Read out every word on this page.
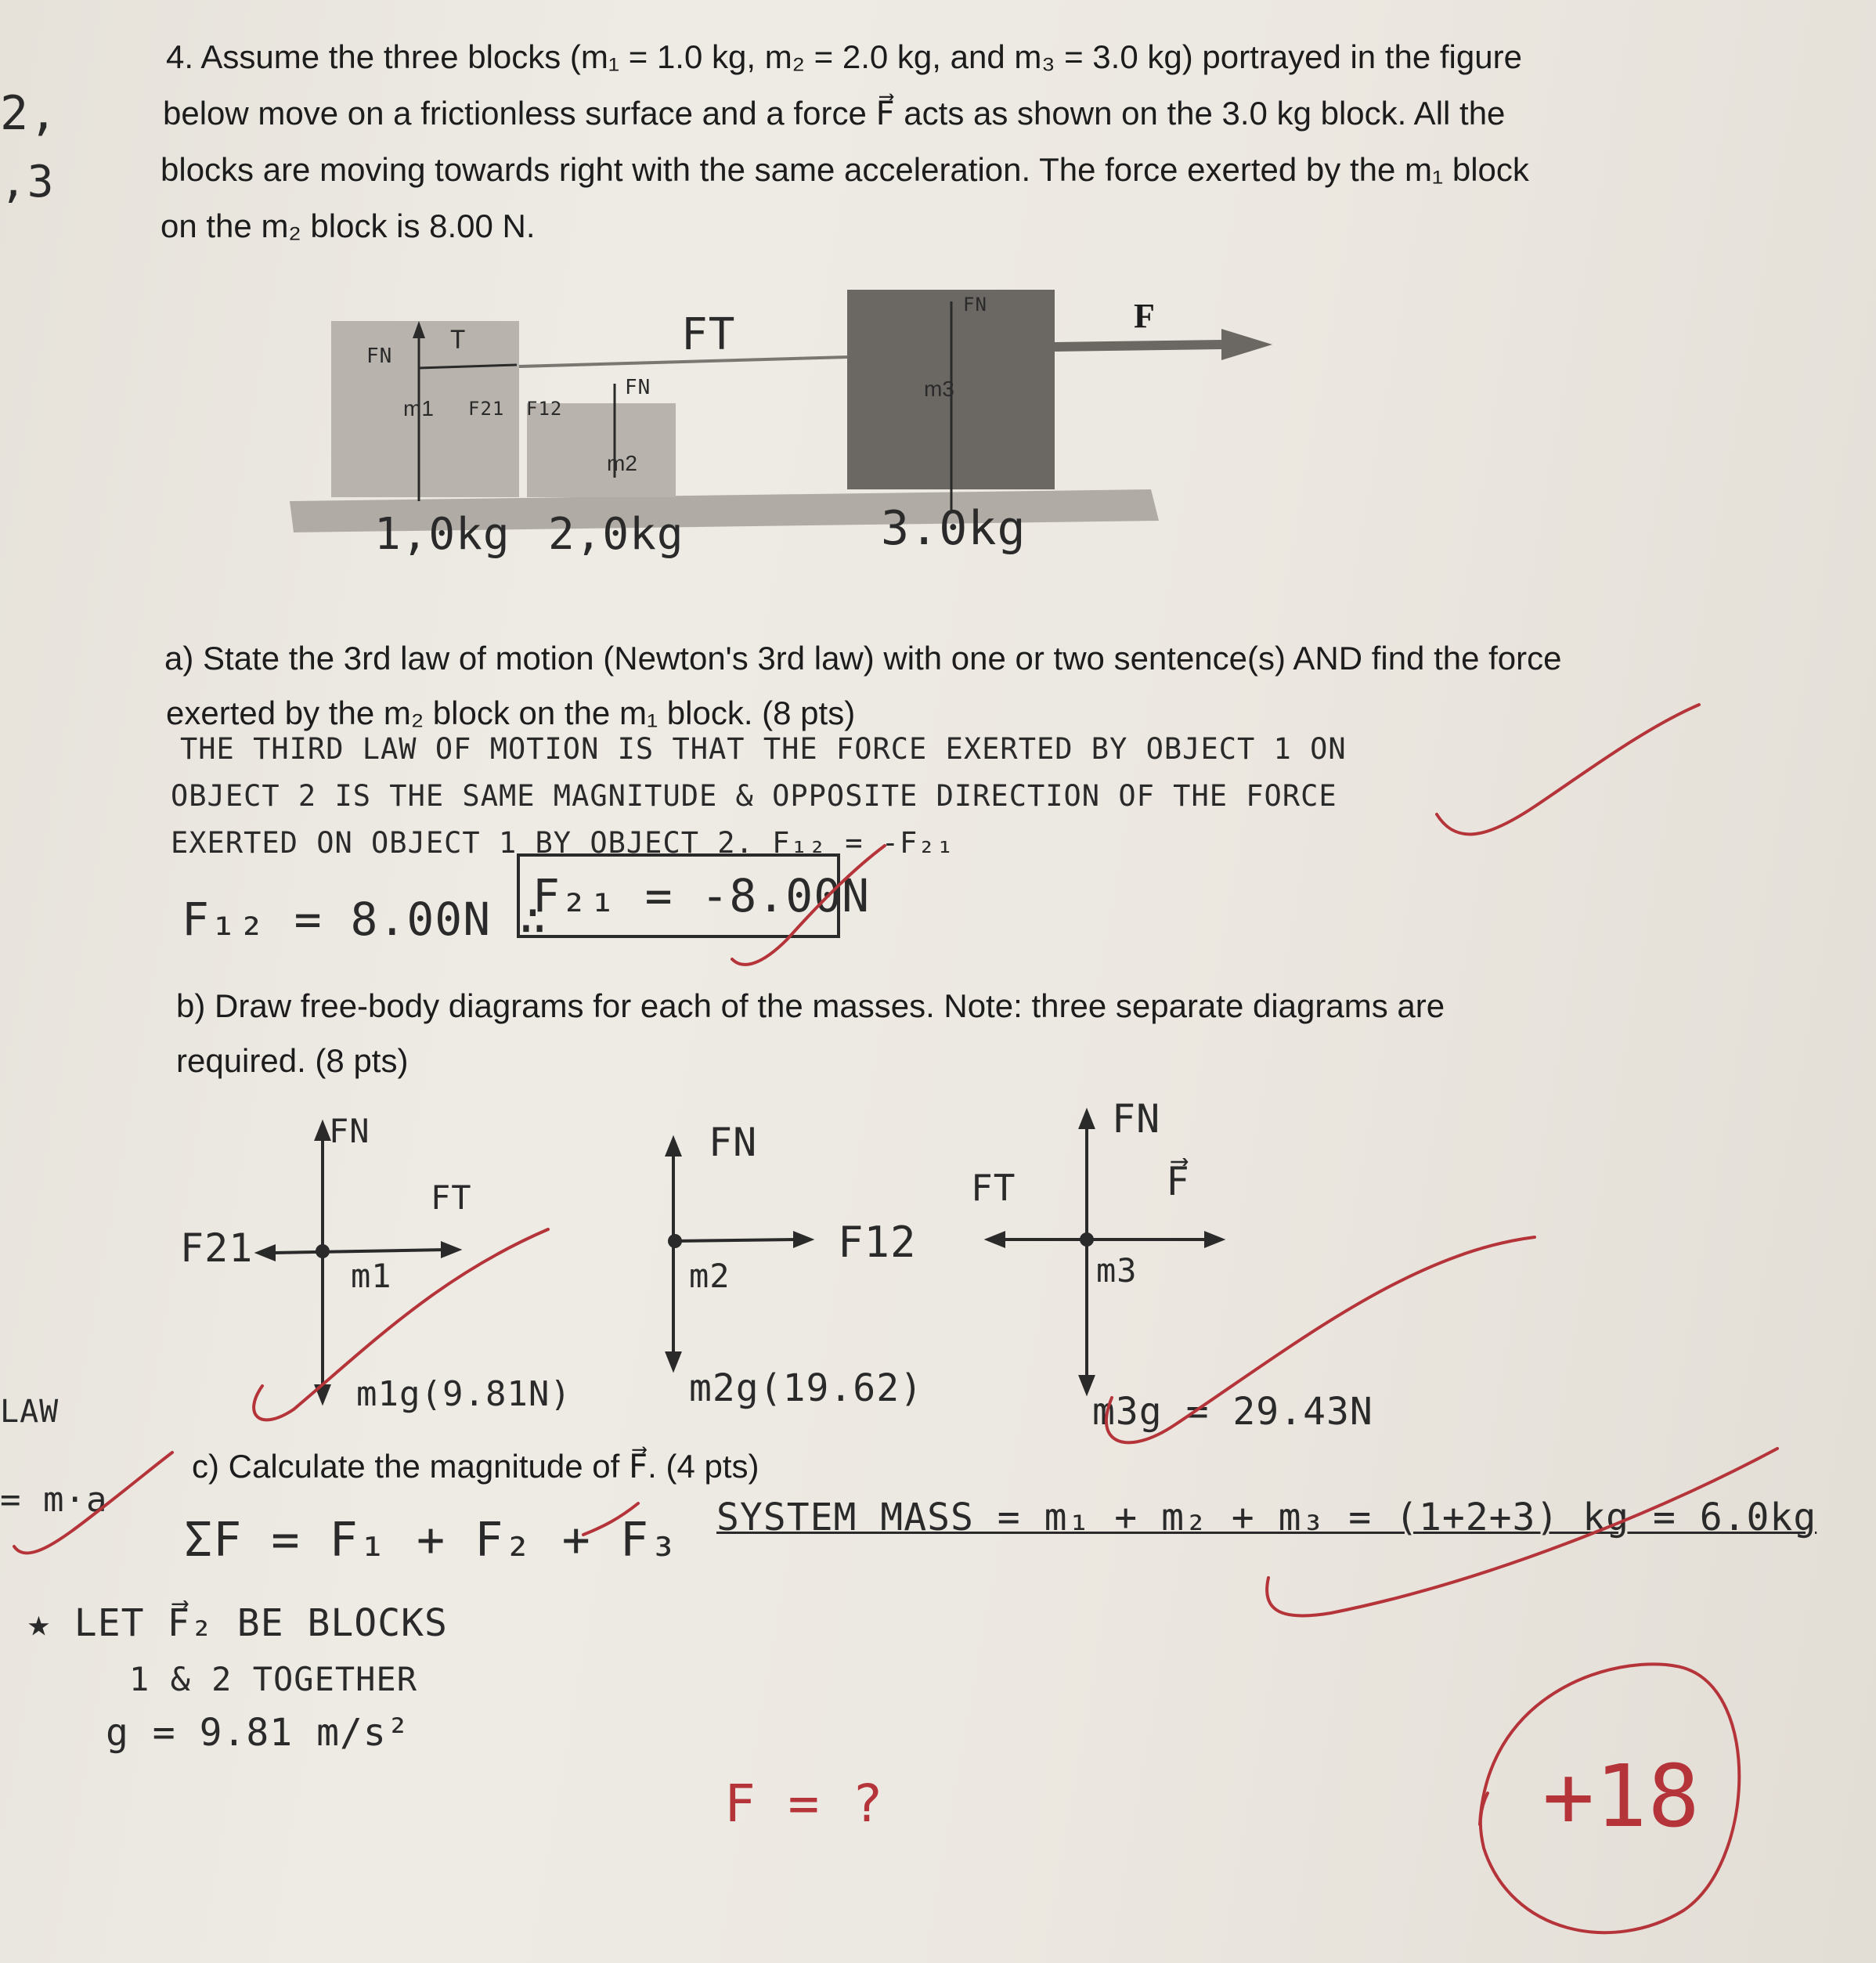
2,
,3
LAW
= m·a
4. Assume the three blocks (m₁ = 1.0 kg, m₂ = 2.0 kg, and m₃ = 3.0 kg) portrayed in the figure
below move on a frictionless surface and a force F⃗ acts as shown on the 3.0 kg block. All the
blocks are moving towards right with the same acceleration. The force exerted by the m₁ block
on the m₂ block is 8.00 N.
m1
m2
m3
F⃗
FN
T
FN
F21 F12
FT
FN
1,0kg 2,0kg	3.0kg
a) State the 3rd law of motion (Newton's 3rd law) with one or two sentence(s) AND find the force
exerted by the m₂ block on the m₁ block. (8 pts)
THE THIRD LAW OF MOTION IS THAT THE FORCE EXERTED BY OBJECT 1 ON
OBJECT 2 IS THE SAME MAGNITUDE & OPPOSITE DIRECTION OF THE FORCE
EXERTED ON OBJECT 1 BY OBJECT 2. F₁₂ = -F₂₁
F₁₂ = 8.00N ∴
F₂₁ = -8.00N
b) Draw free-body diagrams for each of the masses. Note: three separate diagrams are
required. (8 pts)
FN
FT
F21
m1
m1g(9.81N)
FN
F12
m2
m2g(19.62)
FN
F⃗
FT
m3
m3g = 29.43N
c) Calculate the magnitude of F⃗. (4 pts)
ΣF = F₁ + F₂ + F₃ SYSTEM MASS = m₁ + m₂ + m₃ = (1+2+3) kg = 6.0kg
★ LET F⃗₂ BE BLOCKS
1 & 2 TOGETHER
g = 9.81 m/s²
F = ?	+18
